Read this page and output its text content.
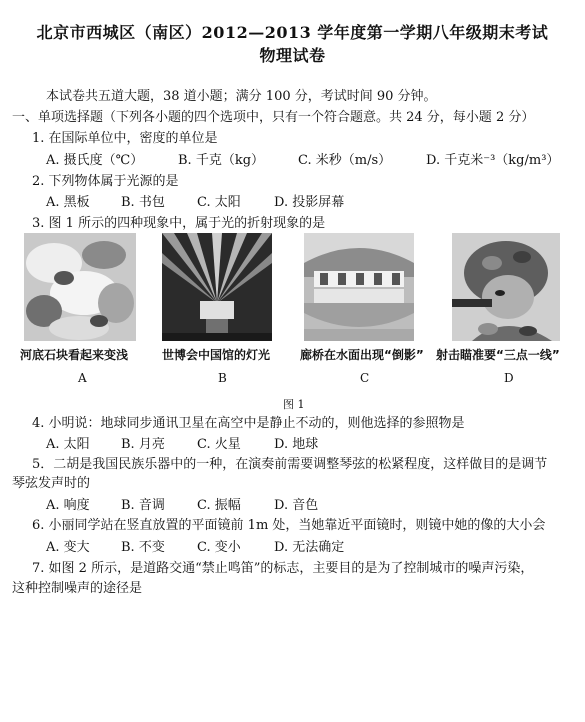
北京市西城区（南区）2012—2013 学年度第一学期八年级期末考试
物理试卷
本试卷共五道大题，38 道小题；满分 100 分，考试时间 90 分钟。
一、单项选择题（下列各小题的四个选项中，只有一个符合题意。共 24 分，每小题 2 分）
1. 在国际单位中，密度的单位是
A. 摄氏度（℃）	B. 千克（kg）	C. 米秒（m/s）	D. 千克米⁻³（kg/m³）
2. 下列物体属于光源的是
A. 黑板 B. 书包 C. 太阳	D. 投影屏幕
3. 图 1 所示的四种现象中，属于光的折射现象的是
河底石块看起来变浅
A
世博会中国馆的灯光
B
廊桥在水面出现“倒影”
C
射击瞄准要“三点一线”
D
图 1
4. 小明说：地球同步通讯卫星在高空中是静止不动的，则他选择的参照物是
A. 太阳 B. 月亮 C. 火星	D. 地球
5．二胡是我国民族乐器中的一种，在演奏前需要调整琴弦的松紧程度，这样做目的是调节
琴弦发声时的
A. 响度 B. 音调 C. 振幅	D. 音色
6. 小丽同学站在竖直放置的平面镜前 1m 处，当她靠近平面镜时，则镜中她的像的大小会
A. 变大 B. 不变 C. 变小	D. 无法确定
7. 如图 2 所示，是道路交通“禁止鸣笛”的标志，主要目的是为了控制城市的噪声污染，
这种控制噪声的途径是
